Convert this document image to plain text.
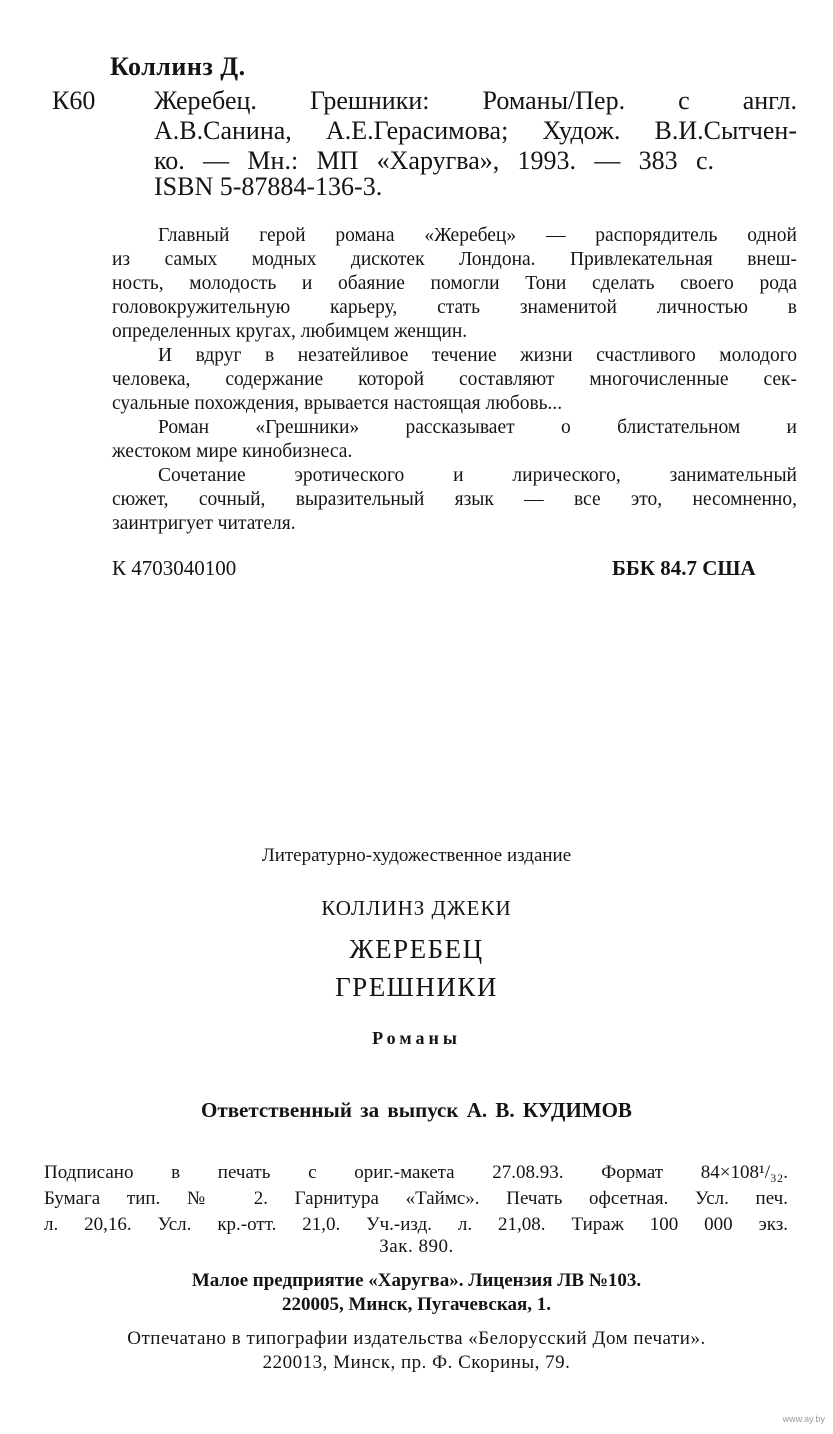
Коллинз Д.
К60 Жеребец. Грешники: Романы/Пер. с англ.
А.В.Санина, А.Е.Герасимова; Худож. В.И.Сытчен-
ко. — Мн.: МП «Харугва», 1993. — 383 с.
ISBN 5-87884-136-3.
Главный герой романа «Жеребец» — распорядитель одной
из самых модных дискотек Лондона. Привлекательная внеш-
ность, молодость и обаяние помогли Тони сделать своего рода
головокружительную карьеру, стать знаменитой личностью в
определенных кругах, любимцем женщин.
И вдруг в незатейливое течение жизни счастливого молодого
человека, содержание которой составляют многочисленные сек-
суальные похождения, врывается настоящая любовь...
Роман «Грешники» рассказывает о блистательном и
жестоком мире кинобизнеса.
Сочетание эротического и лирического, занимательный
сюжет, сочный, выразительный язык — все это, несомненно,
заинтригует читателя.
К 4703040100	ББК 84.7 США
Литературно-художественное издание
КОЛЛИНЗ ДЖЕКИ
ЖЕРЕБЕЦ
ГРЕШНИКИ
Романы
Ответственный за выпуск А. В. КУДИМОВ
Подписано в печать с ориг.-макета 27.08.93. Формат 84×108¹/₃₂.
Бумага тип. № 2. Гарнитура «Таймс». Печать офсетная. Усл. печ.
л. 20,16. Усл. кр.-отт. 21,0. Уч.-изд. л. 21,08. Тираж 100 000 экз.
Зак. 890.
Малое предприятие «Харугва». Лицензия ЛВ №103.
220005, Минск, Пугачевская, 1.
Отпечатано в типографии издательства «Белорусский Дом печати».
220013, Минск, пр. Ф. Скорины, 79.
www.ay.by
